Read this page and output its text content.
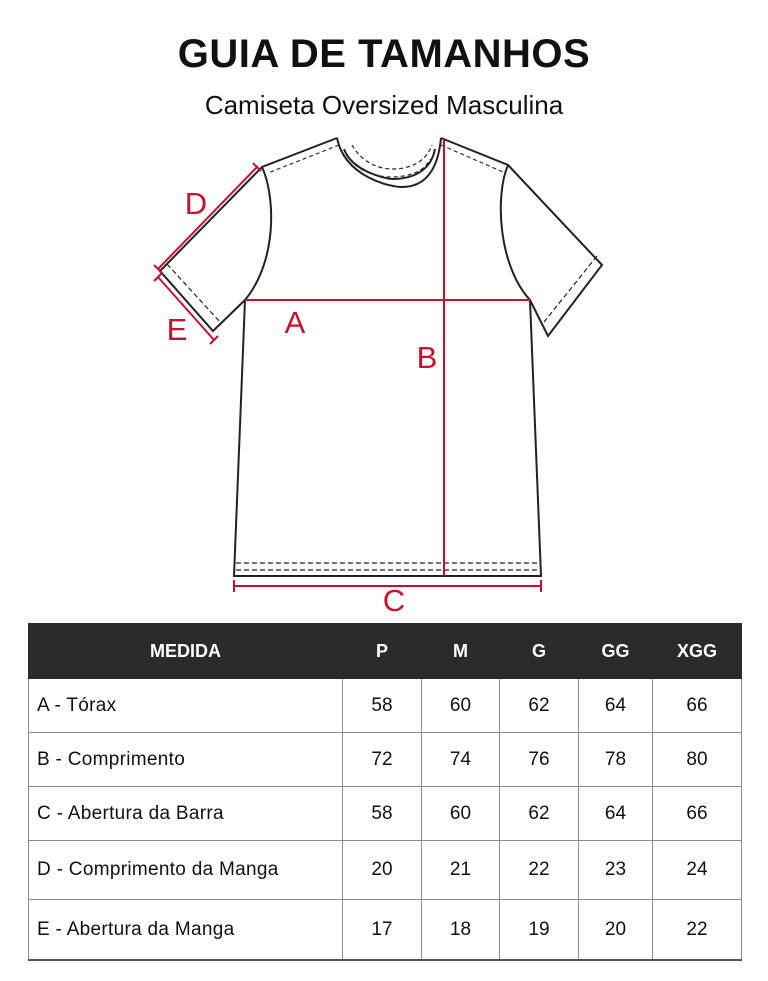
GUIA DE TAMANHOS
Camiseta Oversized Masculina
A
B
C
D
E
MEDIDA	P	M	G	GG	XGG
A - Tórax	58	60	62	64	66
B - Comprimento	72	74	76	78	80
C - Abertura da Barra	58	60	62	64	66
D - Comprimento da Manga	20	21	22	23	24
E - Abertura da Manga	17	18	19	20	22
